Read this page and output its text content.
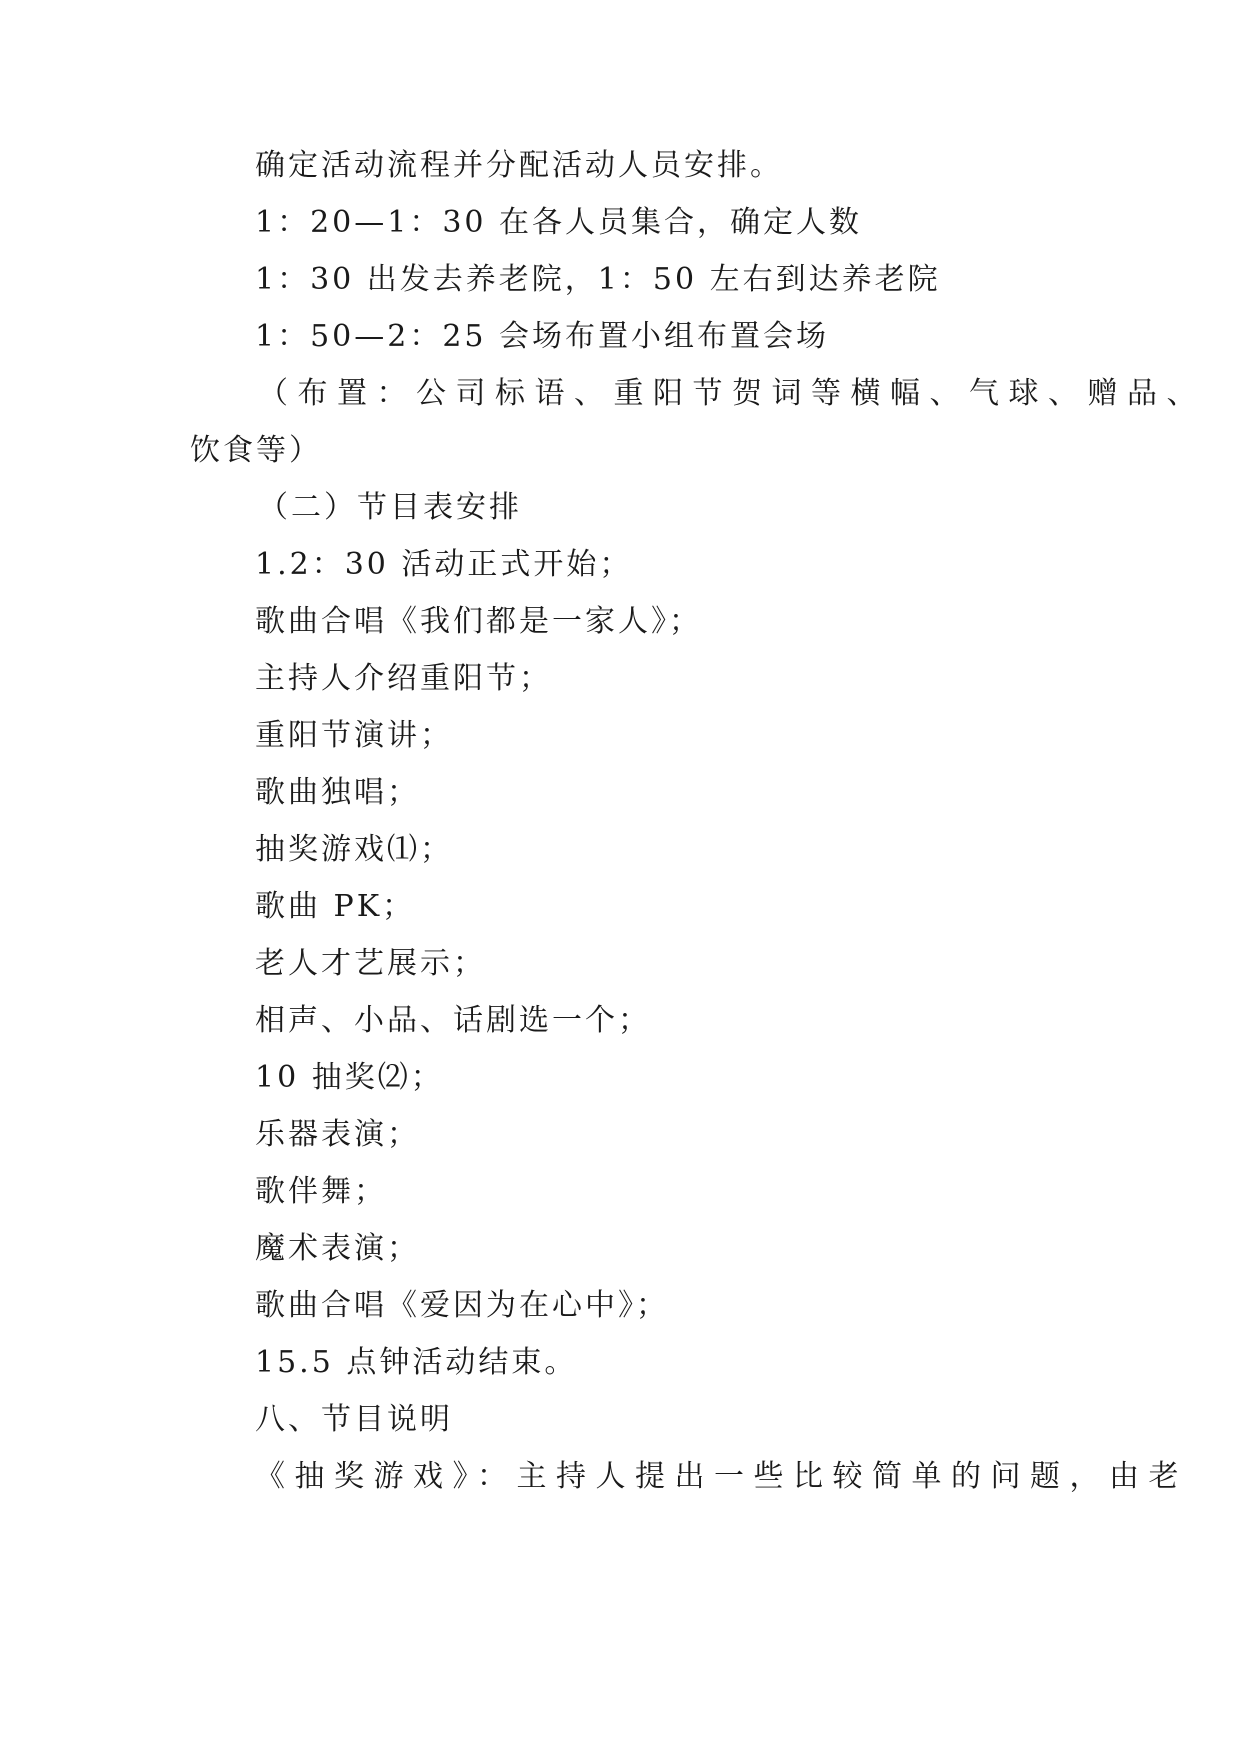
确定活动流程并分配活动人员安排。
1：20—1：30 在各人员集合，确定人数
1：30 出发去养老院，1：50 左右到达养老院
1：50—2：25 会场布置小组布置会场
（布置：公司标语、重阳节贺词等横幅、气球、赠品、
饮食等）
（二）节目表安排
1.2：30 活动正式开始；
歌曲合唱《我们都是一家人》；
主持人介绍重阳节；
重阳节演讲；
歌曲独唱；
抽奖游戏⑴；
歌曲 PK；
老人才艺展示；
相声、小品、话剧选一个；
10 抽奖⑵；
乐器表演；
歌伴舞；
魔术表演；
歌曲合唱《爱因为在心中》；
15.5 点钟活动结束。
八、节目说明
《抽奖游戏》：主持人提出一些比较简单的问题，由老
